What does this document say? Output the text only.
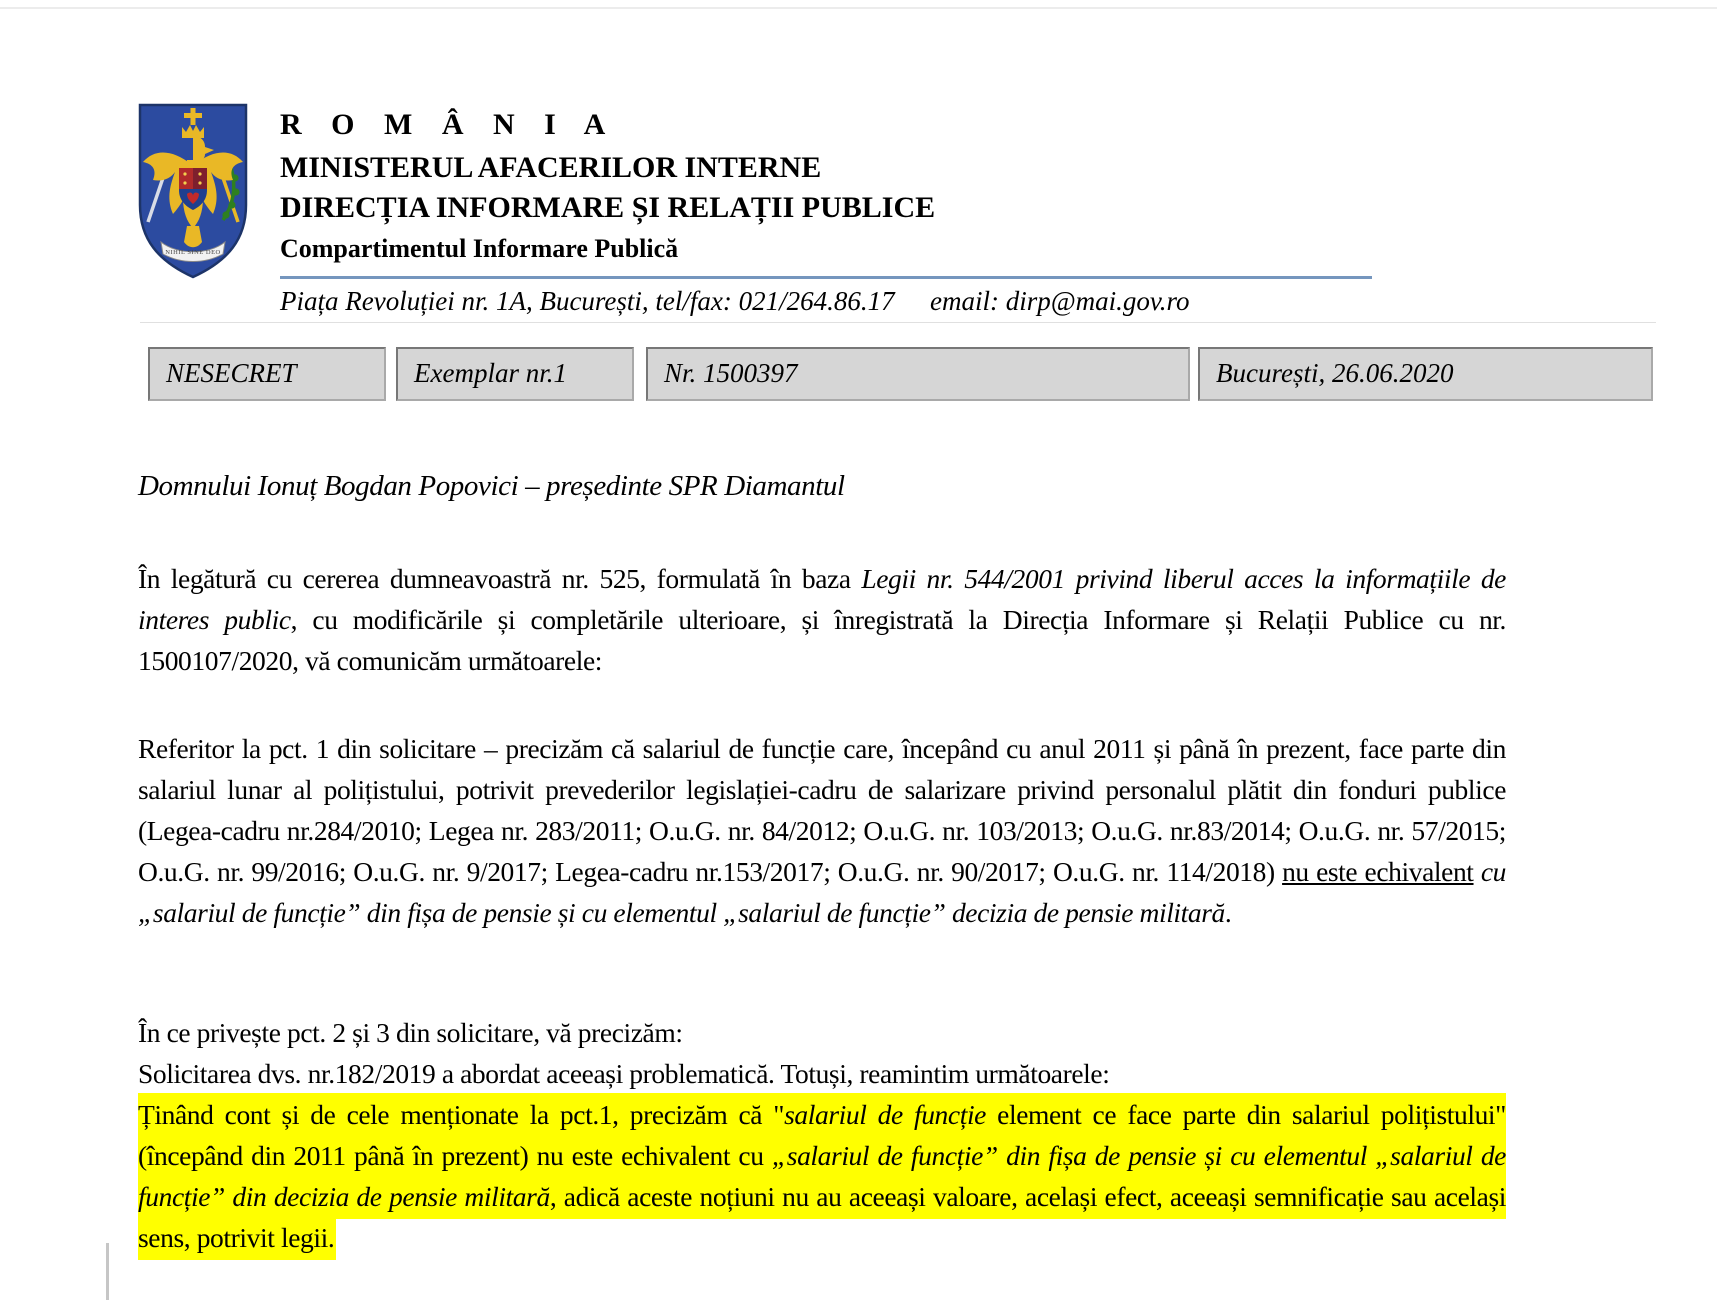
NIHIL SINE DEO
R O M Â N I A
MINISTERUL AFACERILOR INTERNE
DIRECȚIA INFORMARE ȘI RELAȚII PUBLICE
Compartimentul Informare Publică
Piața Revoluției nr. 1A, București, tel/fax: 021/264.86.17 email: dirp@mai.gov.ro
NESECRET	Exemplar nr.1	Nr. 1500397	București, 26.06.2020
Domnului Ionuț Bogdan Popovici – președinte SPR Diamantul

În legătură cu cererea dumneavoastră nr. 525, formulată în baza Legii nr. 544/2001 privind liberul acces la informațiile de interes public, cu modificările și completările ulterioare, și înregistrată la Direcția Informare și Relații Publice cu nr. 1500107/2020, vă comunicăm următoarele:

Referitor la pct. 1 din solicitare – precizăm că salariul de funcție care, începând cu anul 2011 și până în prezent, face parte din salariul lunar al polițistului, potrivit prevederilor legislației-cadru de salarizare privind personalul plătit din fonduri publice (Legea-cadru nr.284/2010; Legea nr. 283/2011; O.u.G. nr. 84/2012; O.u.G. nr. 103/2013; O.u.G. nr.83/2014; O.u.G. nr. 57/2015; O.u.G. nr. 99/2016; O.u.G. nr. 9/2017; Legea-cadru nr.153/2017; O.u.G. nr. 90/2017; O.u.G. nr. 114/2018) nu este echivalent cu „salariul de funcție” din fișa de pensie și cu elementul „salariul de funcție” decizia de pensie militară.

În ce privește pct. 2 și 3 din solicitare, vă precizăm:
Solicitarea dvs. nr.182/2019 a abordat aceeași problematică. Totuși, reamintim următoarele:

Ținând cont și de cele menționate la pct.1, precizăm că "salariul de funcție element ce face parte din salariul polițistului" (începând din 2011 până în prezent) nu este echivalent cu „salariul de funcție” din fișa de pensie și cu elementul „salariul de funcție” din decizia de pensie militară, adică aceste noțiuni nu au aceeași valoare, același efect, aceeași semnificație sau același sens, potrivit legii.
